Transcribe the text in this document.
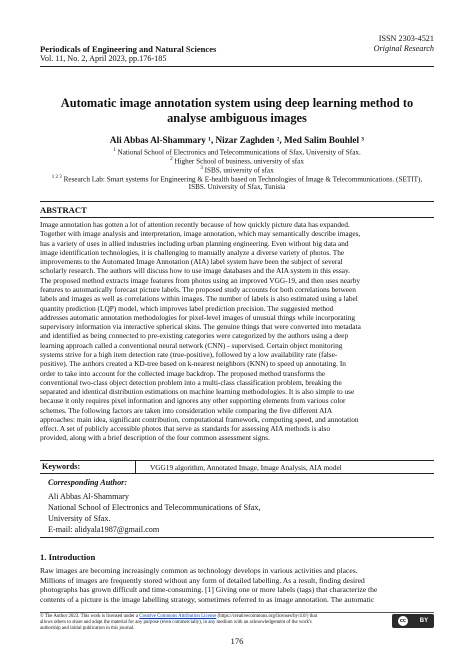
Periodicals of Engineering and Natural Sciences
Vol. 11, No. 2, April 2023, pp.176-185
ISSN 2303-4521
Original Research
Automatic image annotation system using deep learning method to
analyse ambiguous images
Ali Abbas Al-Shammary ¹, Nizar Zaghden ², Med Salim Bouhlel ³
$^1$ National School of Electronics and Telecommunications of Sfax, University of Sfax.
$^2$ Higher School of business, university of sfax
$^3$ ISBS, university of sfax
$^{1 2 3}$ Research Lab: Smart systems for Engineering & E-health based on Technologies of Image & Telecommunications. (SETIT),
ISBS. University of Sfax, Tunisia
ABSTRACT
Image annotation has gotten a lot of attention recently because of how quickly picture data has expanded.
Together with image analysis and interpretation, image annotation, which may semantically describe images,
has a variety of uses in allied industries including urban planning engineering. Even without big data and
image identification technologies, it is challenging to manually analyze a diverse variety of photos. The
improvements to the Automated Image Annotation (AIA) label system have been the subject of several
scholarly research. The authors will discuss how to use image databases and the AIA system in this essay.
The proposed method extracts image features from photos using an improved VGG-19, and then uses nearby
features to automatically forecast picture labels. The proposed study accounts for both correlations between
labels and images as well as correlations within images. The number of labels is also estimated using a label
quantity prediction (LQP) model, which improves label prediction precision. The suggested method
addresses automatic annotation methodologies for pixel-level images of unusual things while incorporating
supervisory information via interactive spherical skins. The genuine things that were converted into metadata
and identified as being connected to pre-existing categories were categorized by the authors using a deep
learning approach called a conventional neural network (CNN) - supervised. Certain object monitoring
systems strive for a high item detection rate (true-positive), followed by a low availability rate (false-
positive). The authors created a KD-tree based on k-nearest neighbors (KNN) to speed up annotating. In
order to take into account for the collected image backdrop. The proposed method transforms the
conventional two-class object detection problem into a multi-class classification problem, breaking the
separated and identical distribution estimations on machine learning methodologies. It is also simple to use
because it only requires pixel information and ignores any other supporting elements from various color
schemes. The following factors are taken into consideration while comparing the five different AIA
approaches: main idea, significant contribution, computational framework, computing speed, and annotation
effect. A set of publicly accessible photos that serve as standards for assessing AIA methods is also
provided, along with a brief description of the four common assessment signs.
Keywords:	VGG19 algorithm, Annotated Image, Image Analysis, AIA model
Corresponding Author:
Ali Abbas Al-Shammary
National School of Electronics and Telecommunications of Sfax,
University of Sfax.
E-mail: alidyala1987@gmail.com
1. Introduction
Raw images are becoming increasingly common as technology develops in various activities and places.
Millions of images are frequently stored without any form of detailed labelling. As a result, finding desired
photographs has grown difficult and time-consuming. [1] Giving one or more labels (tags) that characterize the
contents of a picture is the image labelling strategy, sometimes referred to as image annotation. The automatic
© The Author 2023. This work is licensed under a Creative Commons Attribution License (https://creativecommons.org/licenses/by/4.0/) that
allows others to share and adapt the material for any purpose (even commercially), in any medium with an acknowledgement of the work's
authorship and initial publication in this journal.
cc	BY
176
